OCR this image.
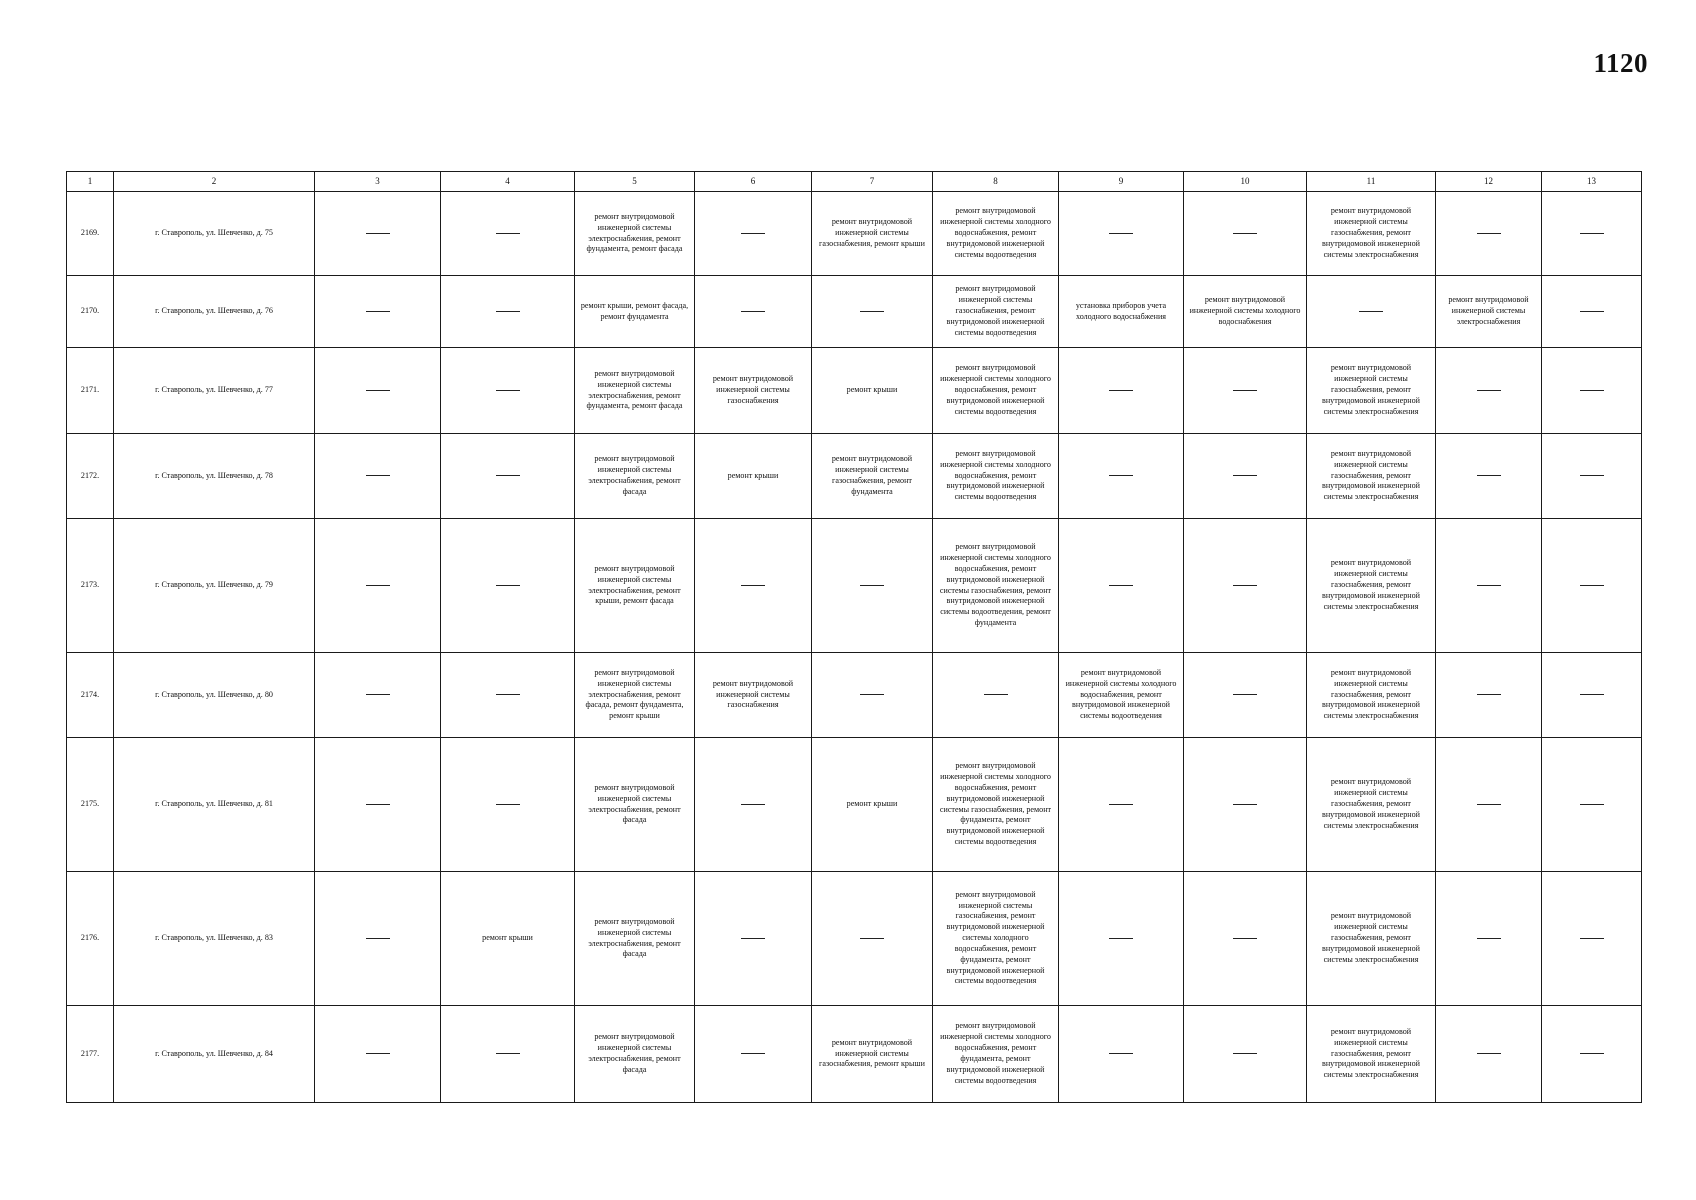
1120
1	2	3	4	5	6	7	8	9	10	11	12	13
2169.	г. Ставрополь, ул. Шевченко, д. 75			ремонт внутридомовой инженерной системы электроснабжения, ремонт фундамента, ремонт фасада		ремонт внутридомовой инженерной системы газоснабжения, ремонт крыши	ремонт внутридомовой инженерной системы холодного водоснабжения, ремонт внутридомовой инженерной системы водоотведения			ремонт внутридомовой инженерной системы газоснабжения, ремонт внутридомовой инженерной системы электроснабжения		
2170.	г. Ставрополь, ул. Шевченко, д. 76			ремонт крыши, ремонт фасада, ремонт фундамента			ремонт внутридомовой инженерной системы газоснабжения, ремонт внутридомовой инженерной системы водоотведения	установка приборов учета холодного водоснабжения	ремонт внутридомовой инженерной системы холодного водоснабжения		ремонт внутридомовой инженерной системы электроснабжения	
2171.	г. Ставрополь, ул. Шевченко, д. 77			ремонт внутридомовой инженерной системы электроснабжения, ремонт фундамента, ремонт фасада	ремонт внутридомовой инженерной системы газоснабжения	ремонт крыши	ремонт внутридомовой инженерной системы холодного водоснабжения, ремонт внутридомовой инженерной системы водоотведения			ремонт внутридомовой инженерной системы газоснабжения, ремонт внутридомовой инженерной системы электроснабжения		
2172.	г. Ставрополь, ул. Шевченко, д. 78			ремонт внутридомовой инженерной системы электроснабжения, ремонт фасада	ремонт крыши	ремонт внутридомовой инженерной системы газоснабжения, ремонт фундамента	ремонт внутридомовой инженерной системы холодного водоснабжения, ремонт внутридомовой инженерной системы водоотведения			ремонт внутридомовой инженерной системы газоснабжения, ремонт внутридомовой инженерной системы электроснабжения		
2173.	г. Ставрополь, ул. Шевченко, д. 79			ремонт внутридомовой инженерной системы электроснабжения, ремонт крыши, ремонт фасада			ремонт внутридомовой инженерной системы холодного водоснабжения, ремонт внутридомовой инженерной системы газоснабжения, ремонт внутридомовой инженерной системы водоотведения, ремонт фундамента			ремонт внутридомовой инженерной системы газоснабжения, ремонт внутридомовой инженерной системы электроснабжения		
2174.	г. Ставрополь, ул. Шевченко, д. 80			ремонт внутридомовой инженерной системы электроснабжения, ремонт фасада, ремонт фундамента, ремонт крыши	ремонт внутридомовой инженерной системы газоснабжения			ремонт внутридомовой инженерной системы холодного водоснабжения, ремонт внутридомовой инженерной системы водоотведения		ремонт внутридомовой инженерной системы газоснабжения, ремонт внутридомовой инженерной системы электроснабжения		
2175.	г. Ставрополь, ул. Шевченко, д. 81			ремонт внутридомовой инженерной системы электроснабжения, ремонт фасада		ремонт крыши	ремонт внутридомовой инженерной системы холодного водоснабжения, ремонт внутридомовой инженерной системы газоснабжения, ремонт фундамента, ремонт внутридомовой инженерной системы водоотведения			ремонт внутридомовой инженерной системы газоснабжения, ремонт внутридомовой инженерной системы электроснабжения		
2176.	г. Ставрополь, ул. Шевченко, д. 83		ремонт крыши	ремонт внутридомовой инженерной системы электроснабжения, ремонт фасада			ремонт внутридомовой инженерной системы газоснабжения, ремонт внутридомовой инженерной системы холодного водоснабжения, ремонт фундамента, ремонт внутридомовой инженерной системы водоотведения			ремонт внутридомовой инженерной системы газоснабжения, ремонт внутридомовой инженерной системы электроснабжения		
2177.	г. Ставрополь, ул. Шевченко, д. 84			ремонт внутридомовой инженерной системы электроснабжения, ремонт фасада		ремонт внутридомовой инженерной системы газоснабжения, ремонт крыши	ремонт внутридомовой инженерной системы холодного водоснабжения, ремонт фундамента, ремонт внутридомовой инженерной системы водоотведения			ремонт внутридомовой инженерной системы газоснабжения, ремонт внутридомовой инженерной системы электроснабжения		
